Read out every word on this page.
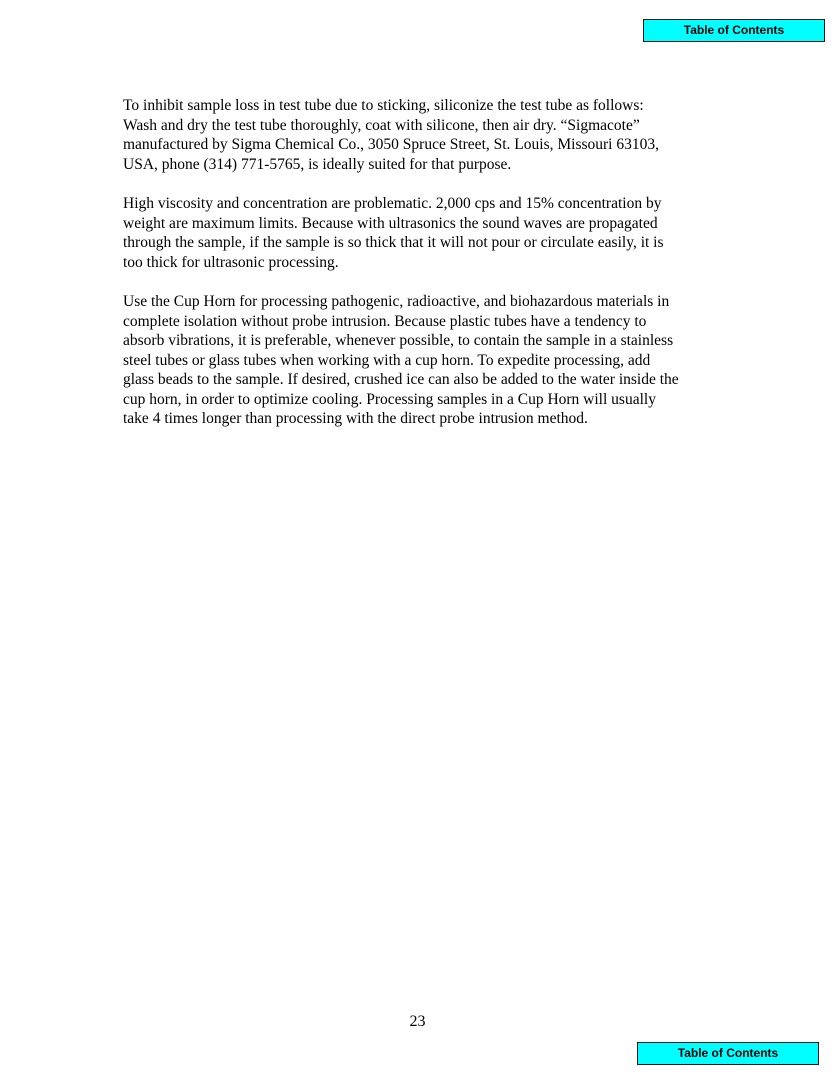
Table of Contents

To inhibit sample loss in test tube due to sticking, siliconize the test tube as follows:
Wash and dry the test tube thoroughly, coat with silicone, then air dry. “Sigmacote”
manufactured by Sigma Chemical Co., 3050 Spruce Street, St. Louis, Missouri 63103,
USA, phone (314) 771-5765, is ideally suited for that purpose.

High viscosity and concentration are problematic. 2,000 cps and 15% concentration by
weight are maximum limits. Because with ultrasonics the sound waves are propagated
through the sample, if the sample is so thick that it will not pour or circulate easily, it is
too thick for ultrasonic processing.

Use the Cup Horn for processing pathogenic, radioactive, and biohazardous materials in
complete isolation without probe intrusion. Because plastic tubes have a tendency to
absorb vibrations, it is preferable, whenever possible, to contain the sample in a stainless
steel tubes or glass tubes when working with a cup horn. To expedite processing, add
glass beads to the sample. If desired, crushed ice can also be added to the water inside the
cup horn, in order to optimize cooling. Processing samples in a Cup Horn will usually
take 4 times longer than processing with the direct probe intrusion method.

23
Table of Contents
